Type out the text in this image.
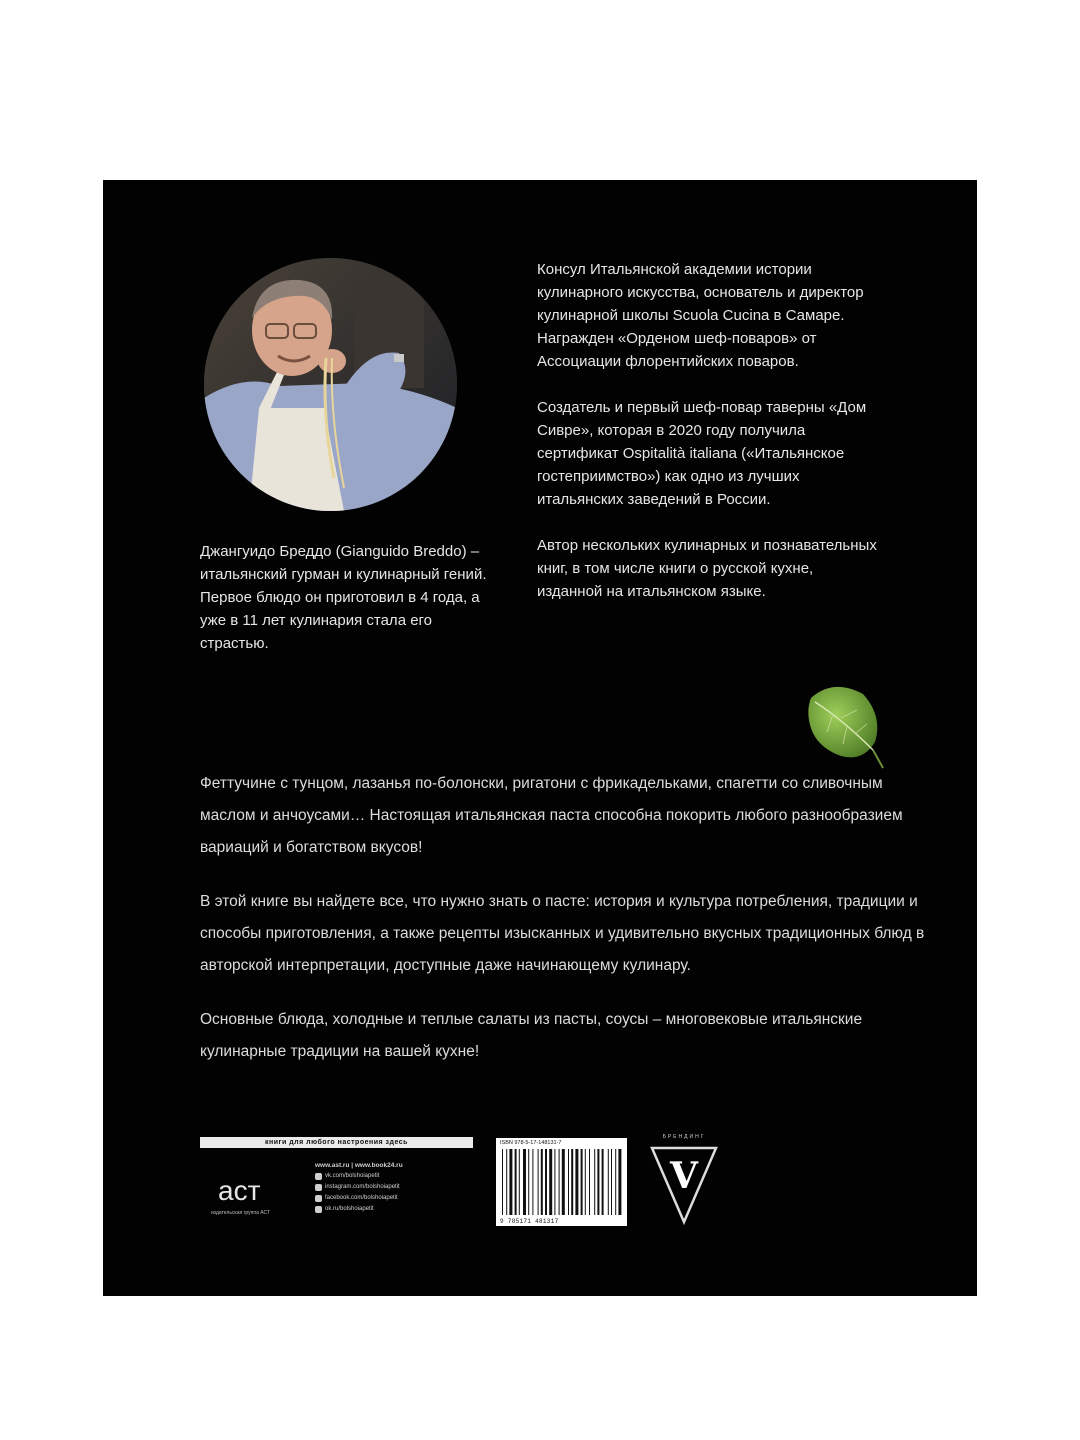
Джангуидо Бреддо (Gianguido Breddo) – итальянский гурман и кулинарный гений. Первое блюдо он приготовил в 4 года, а уже в 11 лет кулинария стала его страстью.

Консул Итальянской академии истории кулинарного искусства, основатель и директор кулинарной школы Scuola Cucina в Самаре. Награжден «Орденом шеф-поваров» от Ассоциации флорентийских поваров.

Создатель и первый шеф-повар таверны «Дом Сивре», которая в 2020 году получила сертификат Ospitalità italiana («Итальянское гостеприимство») как одно из лучших итальянских заведений в России.

Автор нескольких кулинарных и познавательных книг, в том числе книги о русской кухне, изданной на итальянском языке.

Феттучине с тунцом, лазанья по-болонски, ригатони с фрикадельками, спагетти со сливочным маслом и анчоусами… Настоящая итальянская паста способна покорить любого разнообразием вариаций и богатством вкусов!

В этой книге вы найдете все, что нужно знать о пасте: история и культура потребления, традиции и способы приготовления, а также рецепты изысканных и удивительно вкусных традиционных блюд в авторской интерпретации, доступные даже начинающему кулинару.

Основные блюда, холодные и теплые салаты из пасты, соусы – многовековые итальянские кулинарные традиции на вашей кухне!

книги для любого настроения здесь
аст
издательская группа АСТ
www.ast.ru | www.book24.ru
vk.com/bolshoiapetit
instagram.com/bolshoiapetit
facebook.com/bolshoiapetit
ok.ru/bolshoiapetit
ISBN 978-5-17-148131-7
9 785171 481317
БРЕНДИНГ
V
